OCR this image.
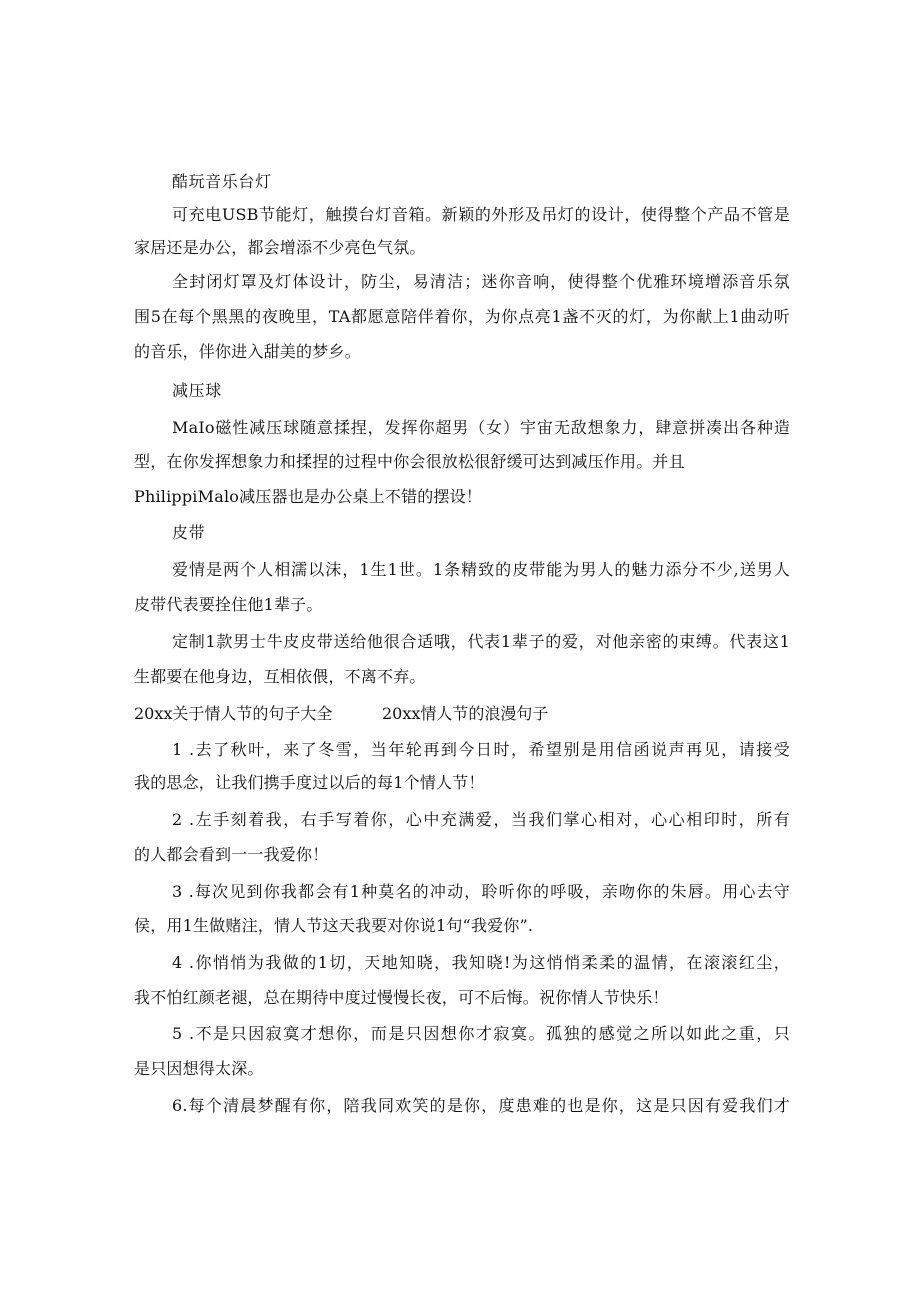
酷玩音乐台灯
可充电USB节能灯，触摸台灯音箱。新颖的外形及吊灯的设计，使得整个产品不管是
家居还是办公，都会增添不少亮色气氛。
全封闭灯罩及灯体设计，防尘，易清洁；迷你音响，使得整个优雅环境增添音乐氛
围5在每个黑黑的夜晚里，TA都愿意陪伴着你，为你点亮1盏不灭的灯，为你献上1曲动听
的音乐，伴你进入甜美的梦乡。
减压球
MaIo磁性减压球随意揉捏，发挥你超男（女）宇宙无敌想象力，肆意拼凑出各种造
型，在你发挥想象力和揉捏的过程中你会很放松很舒缓可达到减压作用。并且
PhilippiMalo减压器也是办公桌上不错的摆设！
皮带
爱情是两个人相濡以沫，1生1世。1条精致的皮带能为男人的魅力添分不少,送男人
皮带代表要拴住他1辈子。
定制1款男士牛皮皮带送给他很合适哦，代表1辈子的爱，对他亲密的束缚。代表这1
生都要在他身边，互相依偎，不离不弃。
20xx关于情人节的句子大全	20xx情人节的浪漫句子
1 .去了秋叶，来了冬雪，当年轮再到今日时，希望别是用信函说声再见，请接受
我的思念，让我们携手度过以后的每1个情人节！
2 .左手刻着我，右手写着你，心中充满爱，当我们掌心相对，心心相印时，所有
的人都会看到一一我爱你！
3 .每次见到你我都会有1种莫名的冲动，聆听你的呼吸，亲吻你的朱唇。用心去守
侯，用1生做赌注，情人节这天我要对你说1句“我爱你”.
4 .你悄悄为我做的1切，天地知晓，我知晓!为这悄悄柔柔的温情，在滚滚红尘，
我不怕红颜老褪，总在期待中度过慢慢长夜，可不后悔。祝你情人节快乐！
5 .不是只因寂寞才想你，而是只因想你才寂寞。孤独的感觉之所以如此之重，只
是只因想得太深。
6.每个清晨梦醒有你，陪我同欢笑的是你，度患难的也是你，这是只因有爱我们才
